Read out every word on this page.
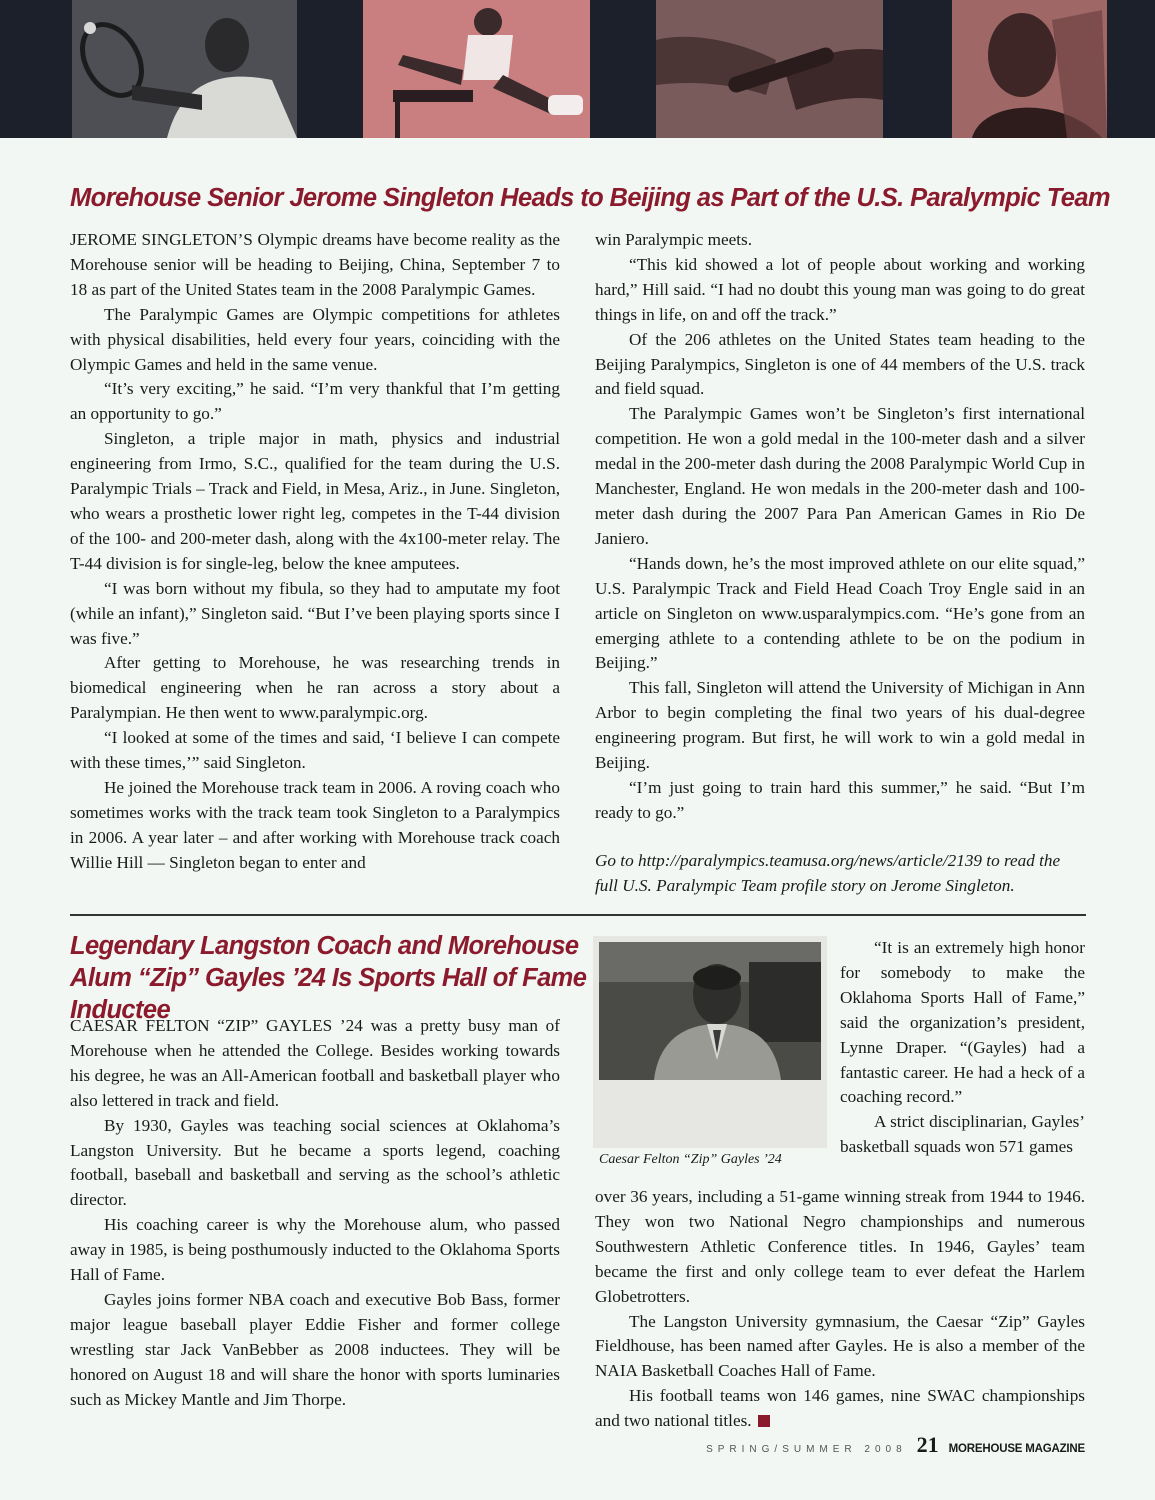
Morehouse Senior Jerome Singleton Heads to Beijing as Part of the U.S. Paralympic Team

JEROME SINGLETON’S Olympic dreams have become reality as the Morehouse senior will be heading to Beijing, China, September 7 to 18 as part of the United States team in the 2008 Paralympic Games.

The Paralympic Games are Olympic competitions for athletes with physical disabilities, held every four years, coinciding with the Olympic Games and held in the same venue.

“It’s very exciting,” he said. “I’m very thankful that I’m getting an opportunity to go.”

Singleton, a triple major in math, physics and industrial engineering from Irmo, S.C., qualified for the team during the U.S. Paralympic Trials – Track and Field, in Mesa, Ariz., in June. Singleton, who wears a prosthetic lower right leg, competes in the T-44 division of the 100- and 200-meter dash, along with the 4x100-meter relay. The T-44 division is for single-leg, below the knee amputees.

“I was born without my fibula, so they had to amputate my foot (while an infant),” Singleton said. “But I’ve been playing sports since I was five.”

After getting to Morehouse, he was researching trends in biomedical engineering when he ran across a story about a Paralympian. He then went to www.paralympic.org.

“I looked at some of the times and said, ‘I believe I can compete with these times,’” said Singleton.

He joined the Morehouse track team in 2006. A roving coach who sometimes works with the track team took Singleton to a Paralympics in 2006. A year later – and after working with Morehouse track coach Willie Hill — Singleton began to enter and

win Paralympic meets.

“This kid showed a lot of people about working and working hard,” Hill said. “I had no doubt this young man was going to do great things in life, on and off the track.”

Of the 206 athletes on the United States team heading to the Beijing Paralympics, Singleton is one of 44 members of the U.S. track and field squad.

The Paralympic Games won’t be Singleton’s first international competition. He won a gold medal in the 100-meter dash and a silver medal in the 200-meter dash during the 2008 Paralympic World Cup in Manchester, England. He won medals in the 200-meter dash and 100-meter dash during the 2007 Para Pan American Games in Rio De Janiero.

“Hands down, he’s the most improved athlete on our elite squad,” U.S. Paralympic Track and Field Head Coach Troy Engle said in an article on Singleton on www.usparalympics.com. “He’s gone from an emerging athlete to a contending athlete to be on the podium in Beijing.”

This fall, Singleton will attend the University of Michigan in Ann Arbor to begin completing the final two years of his dual-degree engineering program. But first, he will work to win a gold medal in Beijing.

“I’m just going to train hard this summer,” he said. “But I’m ready to go.”

Go to http://paralympics.teamusa.org/news/article/2139 to read the full U.S. Paralympic Team profile story on Jerome Singleton.
Legendary Langston Coach and Morehouse Alum “Zip” Gayles ’24 Is Sports Hall of Fame Inductee

CAESAR FELTON “ZIP” GAYLES ’24 was a pretty busy man of Morehouse when he attended the College. Besides working towards his degree, he was an All-American football and basketball player who also lettered in track and field.

By 1930, Gayles was teaching social sciences at Oklahoma’s Langston University. But he became a sports legend, coaching football, baseball and basketball and serving as the school’s athletic director.

His coaching career is why the Morehouse alum, who passed away in 1985, is being posthumously inducted to the Oklahoma Sports Hall of Fame.

Gayles joins former NBA coach and executive Bob Bass, former major league baseball player Eddie Fisher and former college wrestling star Jack VanBebber as 2008 inductees. They will be honored on August 18 and will share the honor with sports luminaries such as Mickey Mantle and Jim Thorpe.

Caesar Felton “Zip” Gayles ’24

“It is an extremely high honor for somebody to make the Oklahoma Sports Hall of Fame,” said the organization’s president, Lynne Draper. “(Gayles) had a fantastic career. He had a heck of a coaching record.”

A strict disciplinarian, Gayles’ basketball squads won 571 games

over 36 years, including a 51-game winning streak from 1944 to 1946. They won two National Negro championships and numerous Southwestern Athletic Conference titles. In 1946, Gayles’ team became the first and only college team to ever defeat the Harlem Globetrotters.

The Langston University gymnasium, the Caesar “Zip” Gayles Fieldhouse, has been named after Gayles. He is also a member of the NAIA Basketball Coaches Hall of Fame.

His football teams won 146 games, nine SWAC championships and two national titles.

SPRING/SUMMER 2008 21 MOREHOUSE MAGAZINE
